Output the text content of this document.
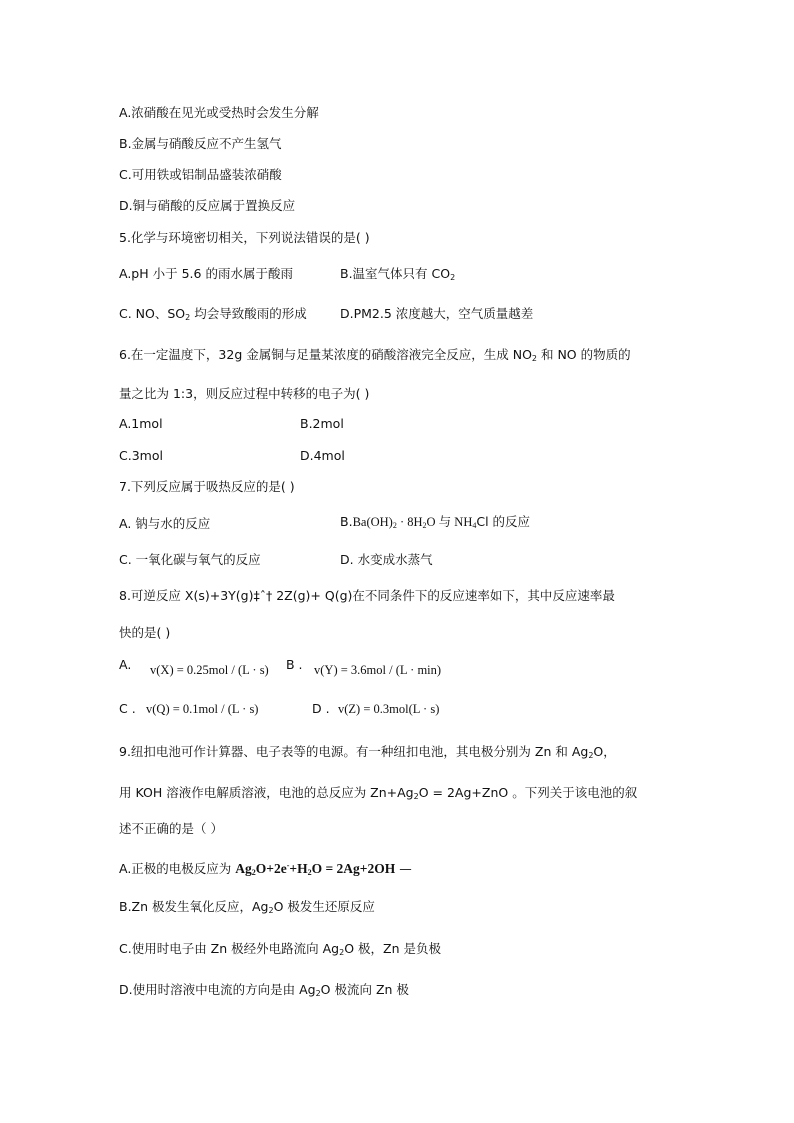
A.浓硝酸在见光或受热时会发生分解
B.金属与硝酸反应不产生氢气
C.可用铁或铝制品盛装浓硝酸
D.铜与硝酸的反应属于置换反应
5.化学与环境密切相关，下列说法错误的是( )
A.pH 小于 5.6 的雨水属于酸雨	B.温室气体只有 $CO_2$
C. NO、$SO_2$ 均会导致酸雨的形成	D.PM2.5 浓度越大，空气质量越差
6.在一定温度下，32g 金属铜与足量某浓度的硝酸溶液完全反应，生成 $NO_2$ 和 NO 的物质的
量之比为 1:3，则反应过程中转移的电子为( )
A.1mol	B.2mol
C.3mol	D.4mol
7.下列反应属于吸热反应的是( )
A. 钠与水的反应	$B.Ba(OH)_2 \cdot 8H_2O$ 与 $NH_4Cl$ 的反应
C. 一氧化碳与氧气的反应	D. 水变成水蒸气
8.可逆反应 X(s)+3Y(g)‡ˆ† 2Z(g)+ Q(g)在不同条件下的反应速率如下，其中反应速率最
快的是( )
A. v(X) = 0.25mol / (L · s) B . v(Y) = 3.6mol / (L · min)
C . v(Q) = 0.1mol / (L · s)	D . v(Z) = 0.3mol(L · s)
9.纽扣电池可作计算器、电子表等的电源。有一种纽扣电池，其电极分别为 Zn 和 $Ag_2O$，
用 KOH 溶液作电解质溶液，电池的总反应为 $Zn+Ag_2O = 2Ag+ZnO$ 。下列关于该电池的叙
述不正确的是（ ）
A.正极的电极反应为 $Ag_2O+2e^-+H_2O = 2Ag+2OH$ —
B.Zn 极发生氧化反应，$Ag_2O$ 极发生还原反应
C.使用时电子由 Zn 极经外电路流向 $Ag_2O$ 极，Zn 是负极
D.使用时溶液中电流的方向是由 $Ag_2O$ 极流向 Zn 极
